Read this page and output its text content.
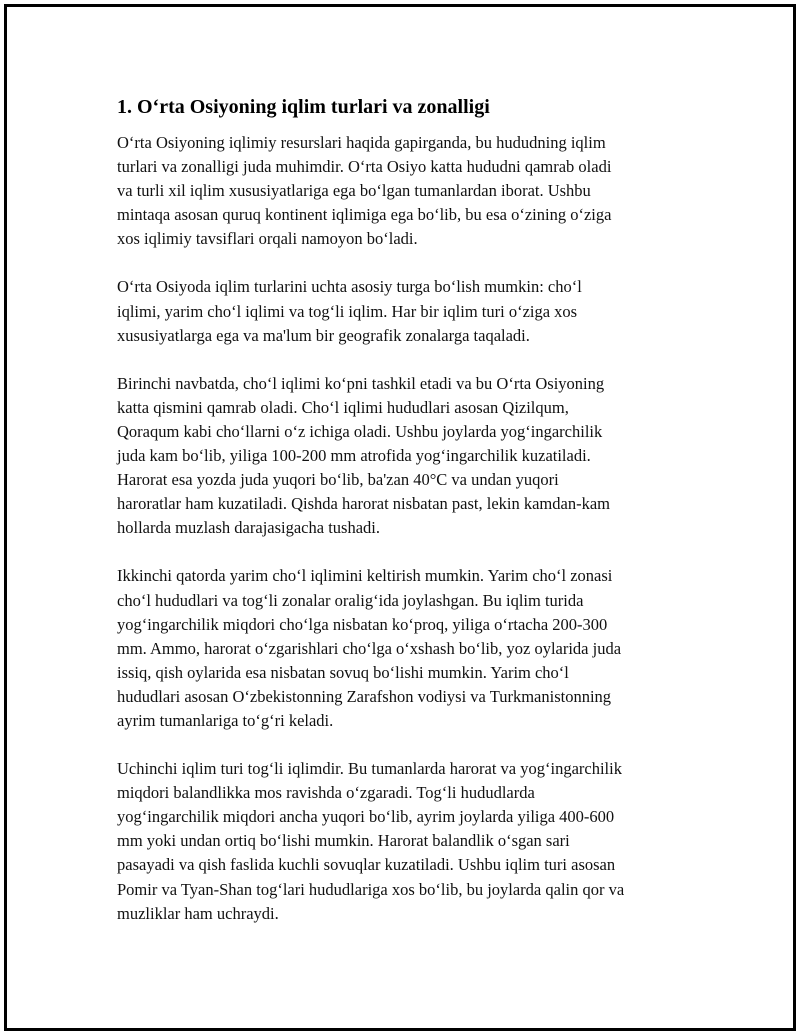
1. O‘rta Osiyoning iqlim turlari va zonalligi

O‘rta Osiyoning iqlimiy resurslari haqida gapirganda, bu hududning iqlim
turlari va zonalligi juda muhimdir. O‘rta Osiyo katta hududni qamrab oladi
va turli xil iqlim xususiyatlariga ega bo‘lgan tumanlardan iborat. Ushbu
mintaqa asosan quruq kontinent iqlimiga ega bo‘lib, bu esa o‘zining o‘ziga
xos iqlimiy tavsiflari orqali namoyon bo‘ladi.

O‘rta Osiyoda iqlim turlarini uchta asosiy turga bo‘lish mumkin: cho‘l
iqlimi, yarim cho‘l iqlimi va tog‘li iqlim. Har bir iqlim turi o‘ziga xos
xususiyatlarga ega va ma'lum bir geografik zonalarga taqaladi.

Birinchi navbatda, cho‘l iqlimi ko‘pni tashkil etadi va bu O‘rta Osiyoning
katta qismini qamrab oladi. Cho‘l iqlimi hududlari asosan Qizilqum,
Qoraqum kabi cho‘llarni o‘z ichiga oladi. Ushbu joylarda yog‘ingarchilik
juda kam bo‘lib, yiliga 100-200 mm atrofida yog‘ingarchilik kuzatiladi.
Harorat esa yozda juda yuqori bo‘lib, ba'zan 40°C va undan yuqori
haroratlar ham kuzatiladi. Qishda harorat nisbatan past, lekin kamdan-kam
hollarda muzlash darajasigacha tushadi.

Ikkinchi qatorda yarim cho‘l iqlimini keltirish mumkin. Yarim cho‘l zonasi
cho‘l hududlari va tog‘li zonalar oralig‘ida joylashgan. Bu iqlim turida
yog‘ingarchilik miqdori cho‘lga nisbatan ko‘proq, yiliga o‘rtacha 200-300
mm. Ammo, harorat o‘zgarishlari cho‘lga o‘xshash bo‘lib, yoz oylarida juda
issiq, qish oylarida esa nisbatan sovuq bo‘lishi mumkin. Yarim cho‘l
hududlari asosan O‘zbekistonning Zarafshon vodiysi va Turkmanistonning
ayrim tumanlariga to‘g‘ri keladi.

Uchinchi iqlim turi tog‘li iqlimdir. Bu tumanlarda harorat va yog‘ingarchilik
miqdori balandlikka mos ravishda o‘zgaradi. Tog‘li hududlarda
yog‘ingarchilik miqdori ancha yuqori bo‘lib, ayrim joylarda yiliga 400-600
mm yoki undan ortiq bo‘lishi mumkin. Harorat balandlik o‘sgan sari
pasayadi va qish faslida kuchli sovuqlar kuzatiladi. Ushbu iqlim turi asosan
Pomir va Tyan-Shan tog‘lari hududlariga xos bo‘lib, bu joylarda qalin qor va
muzliklar ham uchraydi.
